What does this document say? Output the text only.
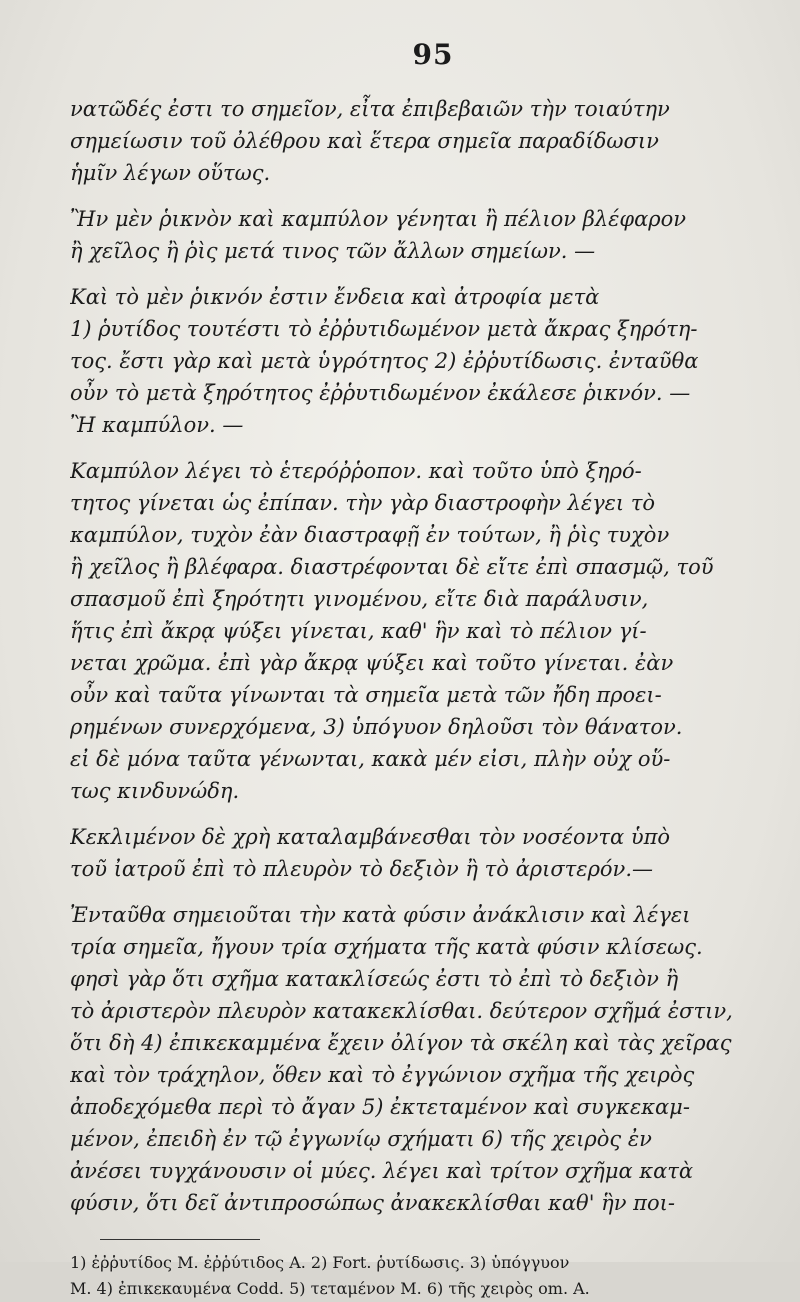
95
νατῶδές ἐστι το σημεῖον, εἶτα ἐπιβεβαιῶν τὴν τοιαύτην
σημείωσιν τοῦ ὀλέθρου καὶ ἕτερα σημεῖα παραδίδωσιν
ἡμῖν λέγων οὕτως.
Ἢν μὲν ῥικνὸν καὶ καμπύλον γένηται ἢ πέλιον βλέφαρον
ἢ χεῖλος ἢ ῥὶς μετά τινος τῶν ἄλλων σημείων. —
Καὶ τὸ μὲν ῥικνόν ἐστιν ἔνδεια καὶ ἀτροφία μετὰ
1) ῥυτίδος τουτέστι τὸ ἐῤῥυτιδωμένον μετὰ ἄκρας ξηρότη-
τος. ἔστι γὰρ καὶ μετὰ ὑγρότητος 2) ἐῤῥυτίδωσις. ἐνταῦθα
οὖν τὸ μετὰ ξηρότητος ἐῤῥυτιδωμένον ἐκάλεσε ῥικνόν. —
Ἢ καμπύλον. —
Καμπύλον λέγει τὸ ἑτερόῤῥοπον. καὶ τοῦτο ὑπὸ ξηρό-
τητος γίνεται ὡς ἐπίπαν. τὴν γὰρ διαστροφὴν λέγει τὸ
καμπύλον, τυχὸν ἐὰν διαστραφῇ ἐν τούτων, ἢ ῥὶς τυχὸν
ἢ χεῖλος ἢ βλέφαρα. διαστρέφονται δὲ εἴτε ἐπὶ σπασμῷ, τοῦ
σπασμοῦ ἐπὶ ξηρότητι γινομένου, εἴτε διὰ παράλυσιν,
ἥτις ἐπὶ ἄκρᾳ ψύξει γίνεται, καθ' ἣν καὶ τὸ πέλιον γί-
νεται χρῶμα. ἐπὶ γὰρ ἄκρᾳ ψύξει καὶ τοῦτο γίνεται. ἐὰν
οὖν καὶ ταῦτα γίνωνται τὰ σημεῖα μετὰ τῶν ἤδη προει-
ρημένων συνερχόμενα, 3) ὑπόγυον δηλοῦσι τὸν θάνατον.
εἰ δὲ μόνα ταῦτα γένωνται, κακὰ μέν εἰσι, πλὴν οὐχ οὕ-
τως κινδυνώδη.
Κεκλιμένον δὲ χρὴ καταλαμβάνεσθαι τὸν νοσέοντα ὑπὸ
τοῦ ἰατροῦ ἐπὶ τὸ πλευρὸν τὸ δεξιὸν ἢ τὸ ἀριστερόν.—
Ἐνταῦθα σημειοῦται τὴν κατὰ φύσιν ἀνάκλισιν καὶ λέγει
τρία σημεῖα, ἤγουν τρία σχήματα τῆς κατὰ φύσιν κλίσεως.
φησὶ γὰρ ὅτι σχῆμα κατακλίσεώς ἐστι τὸ ἐπὶ τὸ δεξιὸν ἢ
τὸ ἀριστερὸν πλευρὸν κατακεκλίσθαι. δεύτερον σχῆμά ἐστιν,
ὅτι δὴ 4) ἐπικεκαμμένα ἔχειν ὀλίγον τὰ σκέλη καὶ τὰς χεῖρας
καὶ τὸν τράχηλον, ὅθεν καὶ τὸ ἐγγώνιον σχῆμα τῆς χειρὸς
ἀποδεχόμεθα περὶ τὸ ἄγαν 5) ἐκτεταμένον καὶ συγκεκαμ-
μένον, ἐπειδὴ ἐν τῷ ἐγγωνίῳ σχήματι 6) τῆς χειρὸς ἐν
ἀνέσει τυγχάνουσιν οἱ μύες. λέγει καὶ τρίτον σχῆμα κατὰ
φύσιν, ὅτι δεῖ ἀντιπροσώπως ἀνακεκλίσθαι καθ' ἣν ποι-
1) ἐῤῥυτίδος M. ἐῤῥύτιδος A. 2) Fort. ῥυτίδωσις. 3) ὑπόγγυον
M. 4) ἐπικεκαυμένα Codd. 5) τεταμένον M. 6) τῆς χειρὸς om. A.
